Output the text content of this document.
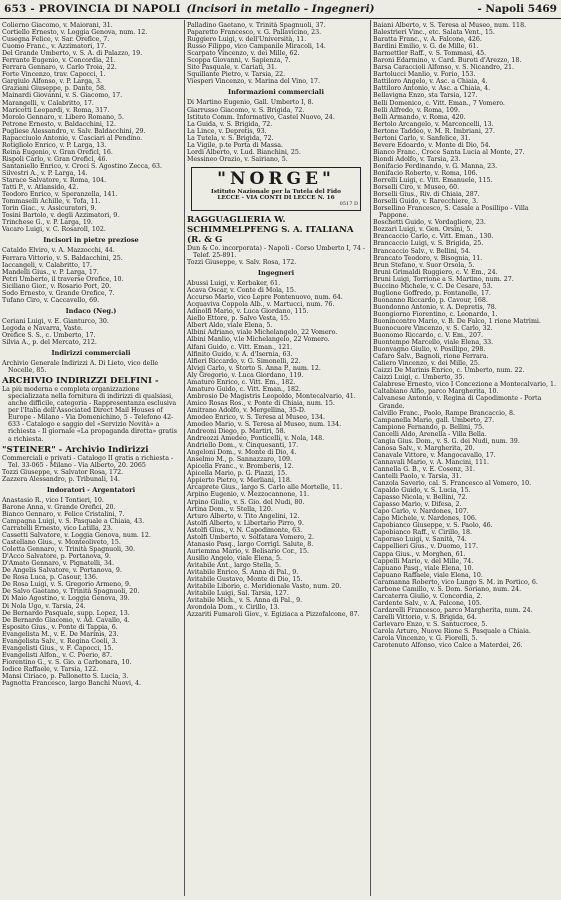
653 - PROVINCIA DI NAPOLI (Incisori in metallo - Ingegneri)	- Napoli 5469
Colierno Giacomo, v. Maiorani, 31.
Cortiello Ernesto, v. Loggia Genova, num. 12.
Cusegna Felice, v. Sar. Oreflce, 7.
Cuomo Franc., v. Azzimatori, 17.
Del Grande Umberto, v. S. A. di Palazzo, 19.
Ferrante Eugenio, v. Concordia, 21.
Ferrara Gennaro, v. Carlo Troia, 22.
Forte Vincenzo, trav. Capocci, 1.
Gargiulo Alfonso, v. P. Larga, 3.
Graziani Giuseppe, p. Dante, 58.
Mainardi Giovanni, v. S. Giacomo, 17.
Marangelli, v. Calabritto, 17.
Maricotti Leopardi, v. Roma, 317.
Morolo Gennaro, v. Libero Romano, 5.
Petrone Ernesto, v. Baldacchini, 12.
Pugliese Alessandro, v. Salv. Baldacchini, 29.
Rapacciuolo Antonio, v. Casciari al Pendino.
Rotigliolo Enrico, v. P. Larga, 13.
Reina Eugenio, v. Gran Oreficl, 16.
Rispoli Carlo, v. Gran Oreficl, 46.
Santaniello Enrico, v. Croci S. Agostino Zecca, 63.
Silvestri A., v. P. Larga, 14.
Starace Salvatore, v. Roma, 104.
Tatti P., v. Atlansido, 42.
Teodoro Enrico, v. Speranzella, 141.
Tommaselli Achille, v. Tofa, 11.
Torin Giac., v. Assicuratori, 9.
Tosini Bartolo, v. degli Azzimatori, 9.
Trinchese G., v. P. Larga, 19.
Vacaro Luigi, v. C. Rosaroll, 102.
Incisori in pietre preziose
Cataldo Elviro, v. A. Mazzocchi, 44.
Ferrara Vittorio, v. S. Baldacchini, 25.
Iaccangeli, v. Calabritto, 17.
Mandelli Gius., v. P. Larga, 17.
Petri Umberto, il traverse Orefice, 10.
Siciliano Gior., v. Rosario Port, 20.
Sodo Ernesto, v. Grande Orefice, 7.
Tufano Ciro, v. Caccavello, 69.
Indaco (Neg.)
Ceriani Luigi, v. E. Gianturco, 30.
Legoda e Navarra, Vaste.
Orefice S. S., c. Umberto, 17.
Silvia A., p. del Mercato, 212.
Indirizzi commerciali
Archivio Generale Indirizzi A. Di Lieto, vico delle Nocelle, 85.
ARCHIVIO INDIRIZZI DELFINI -
La più moderna e completa organizzazione specializzata nella fornitura di indirizzi di qualsiasi, anche difficile, categoria - Rappresentanza esclusiva per l'Italia dell'Associated Direct Mail Houses of Europe - Milano - Via Domenichino, 5 - Telefono 42-633 - Catalogo e saggio del «Servizio Novità» a richiesta - Il giornale «La propaganda diretta» gratis a richiesta.
"STEINER" - Archivio Indirizzi
Commerciali e privati - Catalogo II gratis a richiesta - Tel. 33-065 - Milano - Via Alberto, 20. 2065
Tozzi Giuseppe, v. Salvator Rosa, 172.
Zazzera Alessandro, p. Tribunali, 14.
Indoratori - Argentatori
Anastasio R., vico I Tontieri, 10.
Barone Anna, v. Grande Orefici, 20.
Bianco Gennaro, v. Felice Cristalini, 7.
Campagna Luigi, v. S. Pasquale a Chiaia, 43.
Carratelli Ernesto, vico Latilla, 23.
Cassetti Salvatore, v. Loggia Genova, num. 12.
Castellano Gius., v. Monteoliveto, 15.
Coletta Gennaro, v. Trinità Spagnuoli, 30.
D'Acco Salvatore, p. Portanova, 9.
D'Amato Gennaro, v. Pignatelli, 34.
De Angelis Salvatore, v. Portanova, 9.
De Rosa Luca, p. Casour, 136.
De Rosa Luigi, v. S. Gregorio Armeno, 9.
De Salvo Gaetano, v. Trinità Spagnuoli, 20.
Di Maio Agostino, v. Loggia Genova, 39.
Di Nola Ugo, v. Tarsia, 24.
De Bernardo Pasquale, supp. Lopez, 13.
De Bernardo Giacomo, v. Ad. Cavallo, 4.
Esposito Gius., v. Ponte di Tappia, 6.
Evangelista M., v. E. De Marinis, 23.
Evangelista Salv., v. Regina Coeli, 3.
Evangelisti Gius., v. F. Capocci, 15.
Evangelisti Alfon., v. C. Poerio, 87.
Fiorentino G., v. S. Gio. a Carbonara, 10.
Iodice Raffaele, v. Tarsia, 122.
Mansi Ciriaco, p. Pallonetto S. Lucia, 3.
Pagnotta Francesco, largo Banchi Nuovi, 4.
Palladino Gaetano, v. Trinità Spagnuoli, 37.
Paparetto Francesco, v. G. Pallavicino, 23.
Ruggiero Luigi, v. dell'Università, 11.
Russo Filippo, vico Campanile Miracoli, 14.
Scarpato Vincenzo, v. dei Mille, 62.
Scoppa Giovanni, v. Sapienza, 7.
Sito Pasquale, v. Cariati, 31.
Squillante Pietro, v. Tarsia, 22.
Viesperi Vincenzo, v. Marina del Vino, 17.
Informazioni commerciali
Di Martino Eugenio, Gall. Umberto I, 8.
Giarrusso Giacomo, v. S. Brigida, 72.
Istituto Comm. Informativo, Castel Nuovo, 24.
La Guida, v. S. Brigida, 72.
La Lince, v. Depretis, 93.
La Tutela, v. S. Brigida, 72.
La Vigile, p.te Porta di Massa.
Lordi Alberto, v. Lud. Bianchini, 25.
Messineo Orazio, v. Sairiano, 5.
"NORGE"
Istituto Nazionale per la Tutela del Fido
LECCE - VIA CONTI DI LECCE N. 16
0517 D
RAGGUAGLIERIA W. SCHIMMELPFENG S. A. ITALIANA (R. & G
Dun & Co. incorporata) - Napoli - Corso Umberto I, 74 - Telef. 25-891.
Tozzi Giuseppe, v. Salv. Rosa, 172.
Ingegneri
Abussi Luigi, v. Kerbaker, 61.
Acava Oscar, v. Conte di Mola, 15.
Accurso Mario, vico Lepre Pontenuovo, num. 64.
Acquaviva Coppola Alb., v. Martucci, num. 76.
Adinolfi Mario, v. Luca Giordano, 115.
Aiello Ettore, p. Salvo Vesta, 15.
Albert Aldo, viale Elena, 5.
Albini Adriano, viale Michelangelo, 22 Vomero.
Albini Manlio, v.le Michelangelo, 22 Vomero.
Alfani Guido, c. Vitt. Eman., 121.
Alfinito Guido, v. A. d'Isernia, 63.
Alfieri Riccardo, v. G. Simonelli, 22.
Alvigi Carlo, v. Storto S. Anna P., num. 12.
Aly Gregorio, v. Luca Giordano, 119.
Amaturo Enrico, c. Vitt. Em., 182.
Amaturo Guido, c. Vitt. Eman., 182.
Ambrosio De Magistris Leopoldo, Montecalvario, 41.
Amico Rosas Ros., v. Ponte di Chiaia, num. 15.
Amitrano Adolfo, v. Mergellina, 35-D.
Amodeo Enrico, v. S. Teresa al Museo, 134.
Amodeo Mario, v. S. Teresa al Museo, num. 134.
Andreoni Diego, p. Martiri, 58.
Andreozzi Amedeo, Ponticelli, v. Nola, 148.
Andriello Dom., v. Cinquesanti, 17.
Angeloni Dom., v. Monte di Dio, 4.
Anselmo M., p. Sannazzaro, 109.
Apicella Franc., v. Bromberis, 12.
Apicella Mario, p. G. Piazzi, 15.
Appierto Pietro, v. Merliani, 118.
Arcaprete Gius., largo S. Carlo alle Mortelle, 11.
Arpino Eugenio, v. Mezzocannone, 11.
Arpino Giulio, v. S. Gio. del Nudi, 80.
Artina Dom., v. Stella, 120.
Arturo Alberto, v. Tito Angelini, 12.
Astolfi Alberto, v. Libertario Pirro, 9.
Astolfi Gius., v. N. Capodimonte, 63.
Astolfi Umberto, v. Solfatara Vomero, 2.
Atanasio Pasq., largo Corrigl. Salute, 8.
Auriemma Mario, v. Belisario Cor., 15.
Ausilio Angelo, viale Elena, 5.
Avitabile Ant., largo Stella, 5.
Avitabile Enrico, S. Anna di Pal., 9.
Avitabile Gustavo, Monte di Dio, 15.
Avitabile Liborio, c. Meridionale Vasto, num. 20.
Avitabile Luigi, Sal. Tarsia, 127.
Avitabile Mich., v. S. Anna di Pal., 9.
Avondola Dom., v. Cirillo, 13.
Azzariti Fumaroli Giov., v. Egiziaca a Pizzofalcone, 87.
Baiani Alberto, v. S. Teresa al Museo, num. 118.
Balestrieri Vinc., etc. Salata Vent., 15.
Baratta Franc., v. A. Falcone, 426.
Bardini Emilio, v. G. de Mille, 61.
Barmettler Raff., v. S. Tommasi, 45.
Baroni Edarmino, v. Card. Buroti d'Arezzo, 18.
Barsa Caraccioli Alfonso, v. S. Nicandro, 21.
Bartolucci Manlio, v. Forio, 153.
Battiloro Angelo, v. Asc. a Chiaia, 4.
Battiloro Antonio, v. Asc. a Chiaia, 4.
Bellavigna Enzo, sta Tarsia, 127.
Belli Domenico, c. Vitt. Eman., 7 Vomero.
Belli Alfredo, v. Roma, 109.
Belli Armando, v. Roma, 420.
Bertolo Arcangelo, v. Marconcelli, 13.
Bertone Taddeo, v. M. R. Imbriani, 27.
Bertoni Carlo, v. Sanfelice, 31.
Bevere Edoardo, v. Monte di Dio, 54.
Bianco Franc., Croce Santa Lucia al Monte, 27.
Biondi Adolfo, v. Tarsia, 23.
Bonifacio Ferdinando, v. G. Manna, 23.
Bonifacio Roberto, v. Roma, 106.
Borrelli Luigi, c. Vitt. Emanuele, 115.
Borselli Ciro, v. Museo, 60.
Borselli Gius., Riv. di Chiaia, 287.
Borselli Guido, v. Rarecchiere, 3.
Borsellino Francesco, S. Casale a Posillipo - Villa Pappone.
Boschetti Guido, v. Vordagliere, 23.
Bozzari Luigi, v. Gen. Orsini, 5.
Brancaccio Carlo, c. Vitt. Eman., 130.
Brancaccio Luigi, v. S. Brigida, 25.
Brancaccio Salv., v. Bellini, 54.
Brancato Teodoro, v. Bisognia, 11.
Brun Stefano, v. Suor Orsola, 5.
Bruni Grimaldi Ruggiero, c. V. Em., 24.
Bruni Luigi, Torrione a S. Martino, num. 27.
Buccino Michele, v. C. De Cesare, 53.
Buglione Goffredo, p. Fontanelle, 17.
Buonanno Riccardo, p. Cavour, 168.
Buondonno Antonio, v. A. Depretis, 78.
Buongiorno Fiorentino, c. Leonardo, 1.
Buonincontro Mario, v. B. De Falco, 1 rione Matrimi.
Buonocuore Vincenzo, v. S. Carlo, 32.
Buonomo Riccardo, c. V. Em., 207.
Buontempo Marcello, viale Elena, 33.
Buonvagno Giulio, v. Posillipo, 298.
Cafaro Salv., Bagnoli, rione Ferrara.
Caliero Vincenzo, v. dei Mille, 25.
Caizzi De Marinis Enrico, c. Umberto, num. 22.
Caizzi Luigi, c. Umberto, 35.
Calabrese Ernesto, vico I Concezione a Montecalvario, 1.
Caltabiano Alfio, parco Margherita, 10.
Calvanese Antonio, v. Regina di Capodimonte - Porta Grande.
Calvillo Franc., Paolo, Rampe Brancaccio, 8.
Campanella Mario, gall. Umberto, 27.
Campione Fernando, p. Bellini, 75.
Cancelli Aldo, Arenella - Villa Bella.
Cangia Gius. Dom., v. S. G. dei Nudi, num. 39.
Canosa Salv., v. Margherita, 20.
Canavale Vittore, v. Mangocavallo, 17.
Cannavali Mario, v. A. Mancini, 111.
Cannella G. B., v. E. Cosenz, 31.
Cantelli Paolo, v. Tarsia, 31.
Canzola Saverio, cal. S. Francesco al Vomero, 10.
Capaldo Guido, v. S. Lucia, 15.
Capasso Nicola, v. Bellini, 72.
Capasso Mario, v. Difesa, 2.
Capo Carlo, v. Nardones, 107.
Capo Michele, v. Nardones, 106.
Capobianco Giuseppe, v. S. Paolo, 46.
Capobianco Raff., v. Cirillo, 18.
Caporaso Luigi, v. Sanità, 74.
Cappellieri Gius., v. Duomo, 117.
Cappa Gius., v. Morghen, 61.
Cappelli Mario, v. del Mille, 74.
Capuano Pasq., viale Elena, 10.
Capuano Raffaele, viale Elena, 10.
Caramanna Roberto, vico Lungo S. M. in Portico, 6.
Carbone Camillo, v. S. Dom. Soriano, num. 24.
Carcaterra Giulio, v. Concordia, 2.
Cardente Salv., v. A. Falcone, 105.
Cardarelli Francesco, parco Margherita, num. 24.
Carelli Vittorio, v. S. Brigida, 64.
Carlevaro Enzo, v. S. Santucroce, 5.
Carola Arturo, Nuove Rione S. Pasquale a Chiaia.
Carola Vincenzo, v. G. Fiorelli, 5.
Carotenuto Alfonso, vico Calce a Materdei, 26.
